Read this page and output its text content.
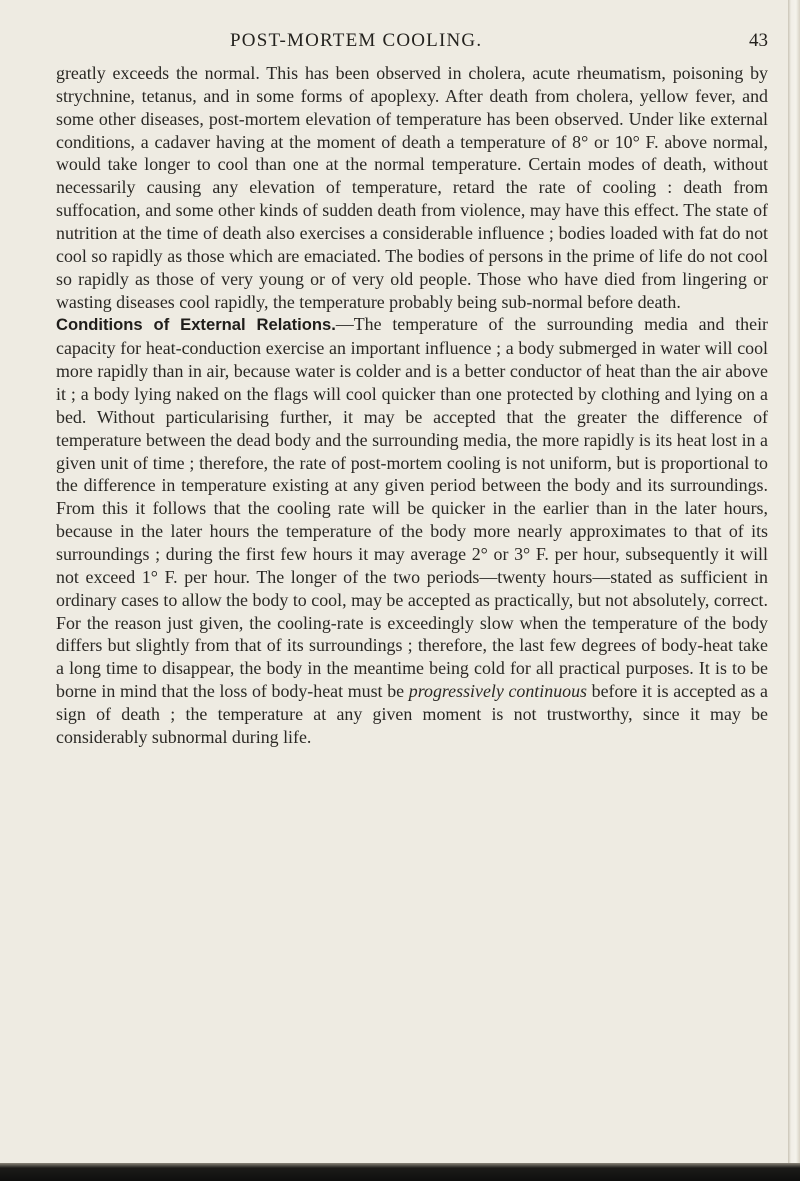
POST-MORTEM COOLING.	43

greatly exceeds the normal. This has been observed in cholera, acute rheumatism, poisoning by strychnine, tetanus, and in some forms of apoplexy. After death from cholera, yellow fever, and some other diseases, post-mortem elevation of temperature has been observed. Under like external conditions, a cadaver having at the moment of death a temperature of 8° or 10° F. above normal, would take longer to cool than one at the normal temperature. Certain modes of death, without necessarily causing any elevation of temperature, retard the rate of cooling : death from suffocation, and some other kinds of sudden death from violence, may have this effect. The state of nutrition at the time of death also exercises a considerable influence ; bodies loaded with fat do not cool so rapidly as those which are emaciated. The bodies of persons in the prime of life do not cool so rapidly as those of very young or of very old people. Those who have died from lingering or wasting diseases cool rapidly, the temperature probably being sub-normal before death.

Conditions of External Relations.—The temperature of the surrounding media and their capacity for heat-conduction exercise an important influence ; a body submerged in water will cool more rapidly than in air, because water is colder and is a better conductor of heat than the air above it ; a body lying naked on the flags will cool quicker than one protected by clothing and lying on a bed. Without particularising further, it may be accepted that the greater the difference of temperature between the dead body and the surrounding media, the more rapidly is its heat lost in a given unit of time ; therefore, the rate of post-mortem cooling is not uniform, but is proportional to the difference in temperature existing at any given period between the body and its surroundings. From this it follows that the cooling rate will be quicker in the earlier than in the later hours, because in the later hours the temperature of the body more nearly approximates to that of its surroundings ; during the first few hours it may average 2° or 3° F. per hour, subsequently it will not exceed 1° F. per hour. The longer of the two periods—twenty hours—stated as sufficient in ordinary cases to allow the body to cool, may be accepted as practically, but not absolutely, correct. For the reason just given, the cooling-rate is exceedingly slow when the temperature of the body differs but slightly from that of its surroundings ; therefore, the last few degrees of body-heat take a long time to disappear, the body in the meantime being cold for all practical purposes. It is to be borne in mind that the loss of body-heat must be progressively continuous before it is accepted as a sign of death ; the temperature at any given moment is not trustworthy, since it may be considerably subnormal during life.
